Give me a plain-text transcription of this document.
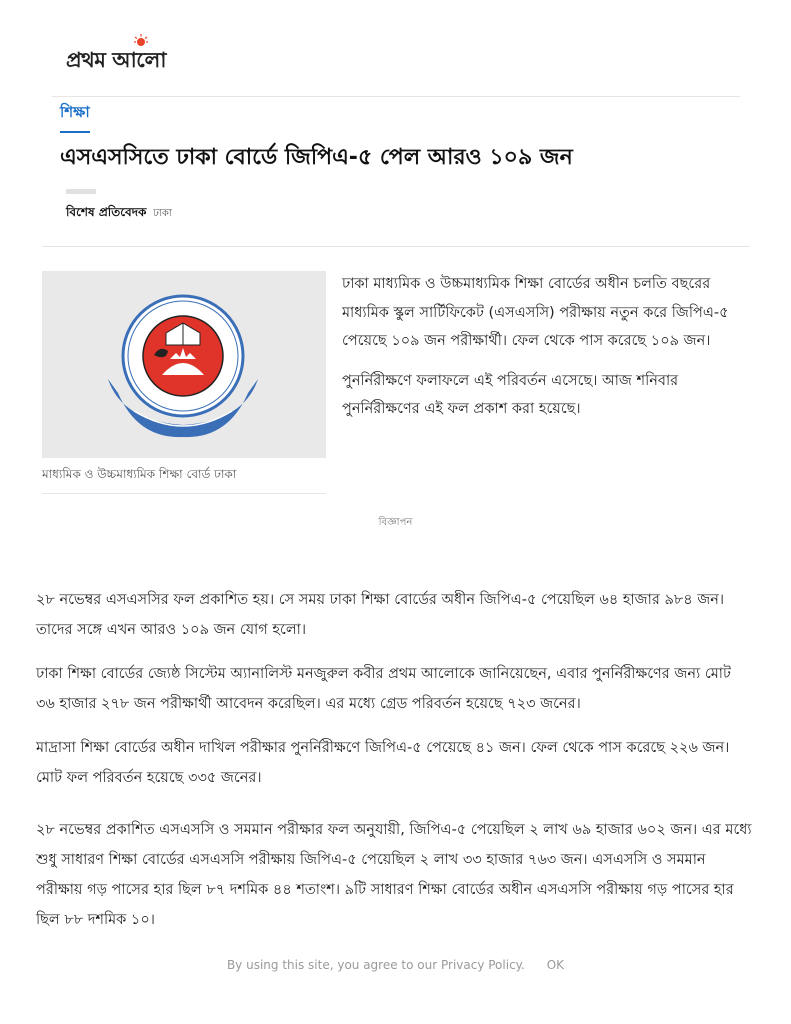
প্রথম আলো
শিক্ষা
এসএসসিতে ঢাকা বোর্ডে জিপিএ-৫ পেল আরও ১০৯ জন
বিশেষ প্রতিবেদক ঢাকা
মাধ্যমিক ও উচ্চমাধ্যমিক শিক্ষা বোর্ড ঢাকা

ঢাকা মাধ্যমিক ও উচ্চমাধ্যমিক শিক্ষা বোর্ডের অধীন চলতি বছরের মাধ্যমিক স্কুল সার্টিফিকেট (এসএসসি) পরীক্ষায় নতুন করে জিপিএ-৫ পেয়েছে ১০৯ জন পরীক্ষার্থী। ফেল থেকে পাস করেছে ১০৯ জন।

পুনর্নিরীক্ষণে ফলাফলে এই পরিবর্তন এসেছে। আজ শনিবার পুনর্নিরীক্ষণের এই ফল প্রকাশ করা হয়েছে।

বিজ্ঞাপন

২৮ নভেম্বর এসএসসির ফল প্রকাশিত হয়। সে সময় ঢাকা শিক্ষা বোর্ডের অধীন জিপিএ-৫ পেয়েছিল ৬৪ হাজার ৯৮৪ জন। তাদের সঙ্গে এখন আরও ১০৯ জন যোগ হলো।

ঢাকা শিক্ষা বোর্ডের জ্যেষ্ঠ সিস্টেম অ্যানালিস্ট মনজুরুল কবীর প্রথম আলোকে জানিয়েছেন, এবার পুনর্নিরীক্ষণের জন্য মোট ৩৬ হাজার ২৭৮ জন পরীক্ষার্থী আবেদন করেছিল। এর মধ্যে গ্রেড পরিবর্তন হয়েছে ৭২৩ জনের।

মাদ্রাসা শিক্ষা বোর্ডের অধীন দাখিল পরীক্ষার পুনর্নিরীক্ষণে জিপিএ-৫ পেয়েছে ৪১ জন। ফেল থেকে পাস করেছে ২২৬ জন। মোট ফল পরিবর্তন হয়েছে ৩৩৫ জনের।

২৮ নভেম্বর প্রকাশিত এসএসসি ও সমমান পরীক্ষার ফল অনুযায়ী, জিপিএ-৫ পেয়েছিল ২ লাখ ৬৯ হাজার ৬০২ জন। এর মধ্যে শুধু সাধারণ শিক্ষা বোর্ডের এসএসসি পরীক্ষায় জিপিএ-৫ পেয়েছিল ২ লাখ ৩৩ হাজার ৭৬৩ জন। এসএসসি ও সমমান পরীক্ষায় গড় পাসের হার ছিল ৮৭ দশমিক ৪৪ শতাংশ। ৯টি সাধারণ শিক্ষা বোর্ডের অধীন এসএসসি পরীক্ষায় গড় পাসের হার ছিল ৮৮ দশমিক ১০।

By using this site, you agree to our Privacy Policy. OK
